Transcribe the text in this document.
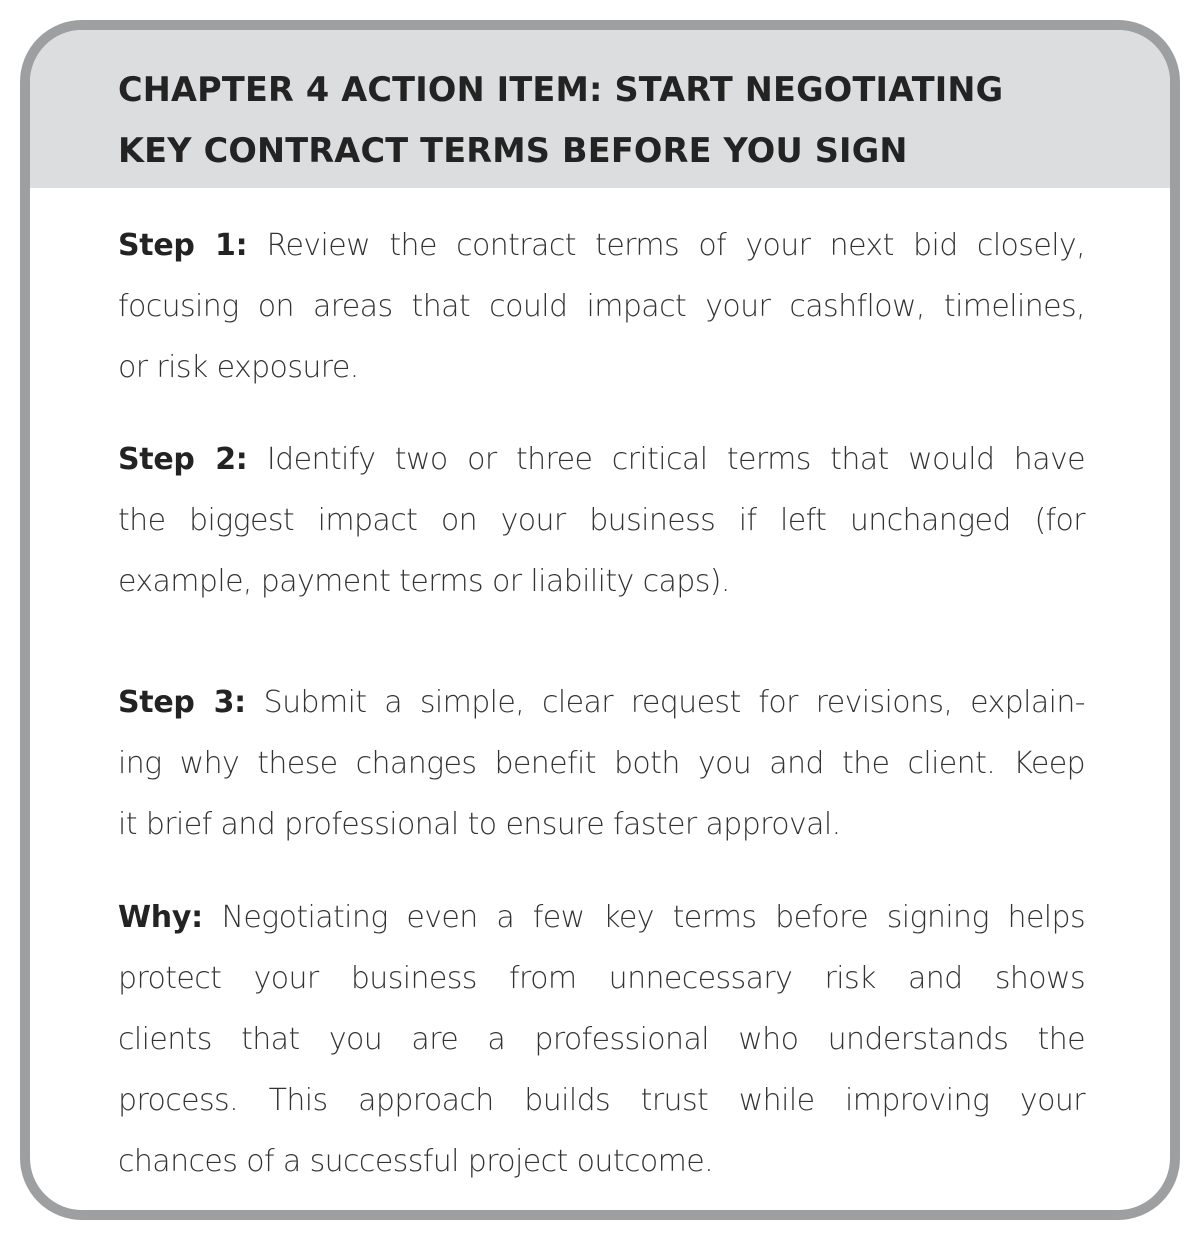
CHAPTER 4 ACTION ITEM: START NEGOTIATING
KEY CONTRACT TERMS BEFORE YOU SIGN
Step 1: Review the contract terms of your next bid closely,
focusing on areas that could impact your cashflow, timelines,
or risk exposure.
Step 2: Identify two or three critical terms that would have
the biggest impact on your business if left unchanged (for
example, payment terms or liability caps).
Step 3: Submit a simple, clear request for revisions, explain-
ing why these changes benefit both you and the client. Keep
it brief and professional to ensure faster approval.
Why: Negotiating even a few key terms before signing helps
protect your business from unnecessary risk and shows
clients that you are a professional who understands the
process. This approach builds trust while improving your
chances of a successful project outcome.
